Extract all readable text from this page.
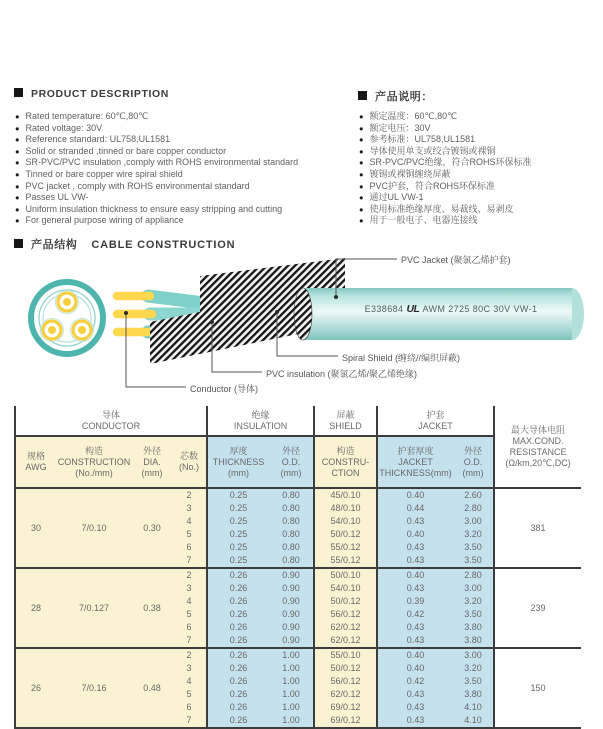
PRODUCT DESCRIPTION
● Rated temperature: 60℃,80℃
● Rated voltage: 30V
● Reference standard: UL758,UL1581
● Solid or stranded ,tinned or bare copper conductor
● SR-PVC/PVC insulation ,comply with ROHS environmental standard
● Tinned or bare copper wire spiral shield
● PVC jacket , comply with ROHS environmental standard
● Passes UL VW-
● Uniform insulation thickness to ensure easy stripping and cutting
● For general purpose wiring of appliance
产品说明：
● 额定温度：60℃,80℃
● 额定电压：30V
● 参考标准：UL758,UL1581
● 导体使用单支或绞合镀锡或裸铜
● SR-PVC/PVC绝缘，符合ROHS环保标准
● 镀锡或裸铜缠绕屏蔽
● PVC护套，符合ROHS环保标准
● 通过UL VW-1
● 使用标准绝缘厚度、易裁线、易剥皮
● 用于一般电子、电器连接线
产品结构 CABLE CONSTRUCTION
E338684 UL AWM 2725 80C 30V VW-1
PVC Jacket (聚氯乙烯护套)
Spiral Shield (缠绕//编织屏蔽)
PVC insulation (聚氯乙烯/聚乙烯绝缘)
Conductor (导体)
导体
CONDUCTOR				绝缘
INSULATION		屏蔽
SHIELD	护套
JACKET		最大导体电阻
MAX.COND.
RESISTANCE
(Ω/km,20℃,DC)

规格
AWG	构造
CONSTRUCTION
(No./mm)	外径
DIA.
(mm)	芯数
(No.)	厚度
THICKNESS
(mm)	外径
O.D.
(mm)	构造
CONSTRU-
CTION	护套厚度
JACKET
THICKNESS(mm)	外径
O.D.
(mm)	

30	7/0.10	0.30	2	0.25	0.80	45/0.10	0.40	2.60	381
			3	0.25	0.80	48/0.10	0.44	2.80	
			4	0.25	0.80	54/0.10	0.43	3.00	
			5	0.25	0.80	50/0.12	0.40	3.20	
			6	0.25	0.80	55/0.12	0.43	3.50	
			7	0.25	0.80	55/0.12	0.43	3.50	
28	7/0.127	0.38	2	0.26	0.90	50/0.10	0.40	2.80	239
			3	0.26	0.90	54/0.10	0.43	3.00	
			4	0.26	0.90	50/0.12	0.39	3.20	
			5	0.26	0.90	56/0.12	0.42	3.50	
			6	0.26	0.90	62/0.12	0.43	3.80	
			7	0.26	0.90	62/0.12	0.43	3.80	
26	7/0.16	0.48	2	0.26	1.00	55/0.10	0.40	3.00	150
			3	0.26	1.00	50/0.12	0.40	3.20	
			4	0.26	1.00	56/0.12	0.42	3.50	
			5	0.26	1.00	62/0.12	0.43	3.80	
			6	0.26	1.00	69/0.12	0.43	4.10	
			7	0.26	1.00	69/0.12	0.43	4.10	
